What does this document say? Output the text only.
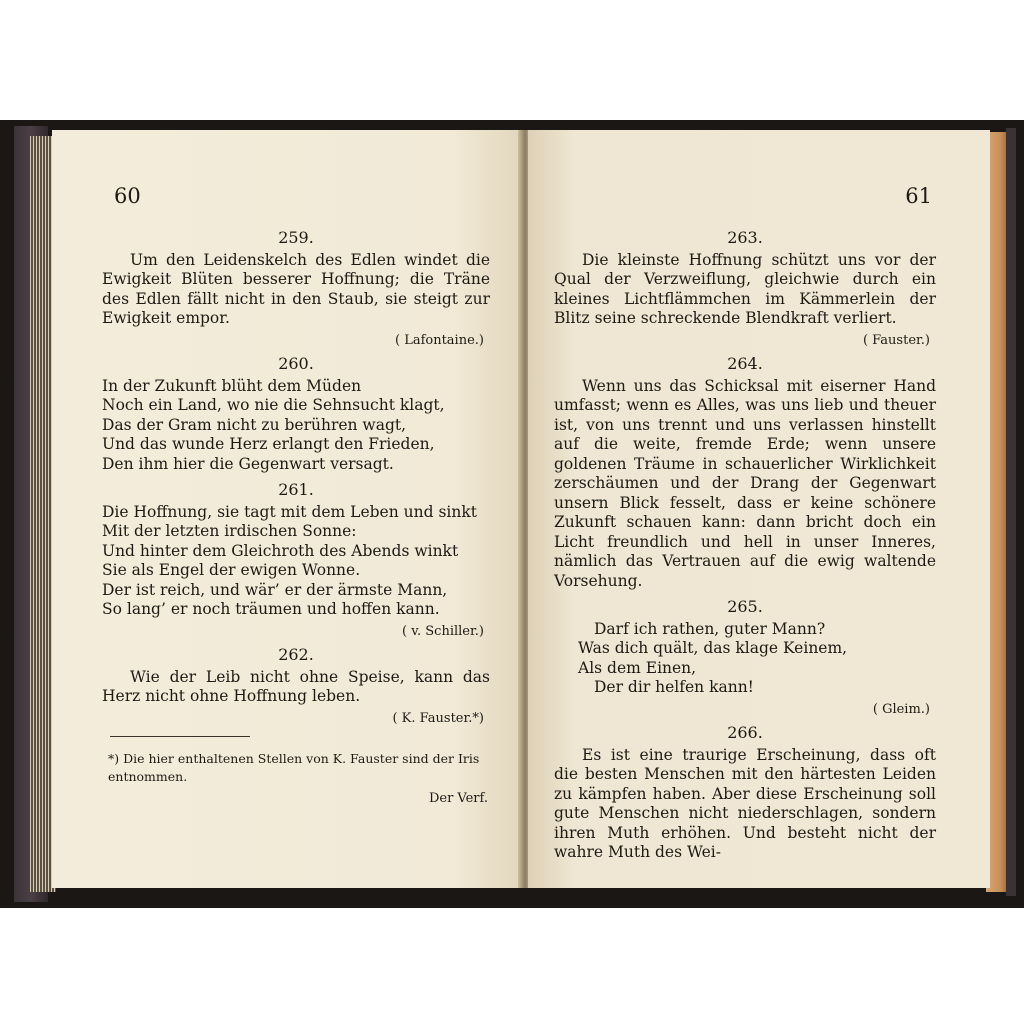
60
259.
Um den Leidenskelch des Edlen windet die Ewigkeit Blüten besserer Hoffnung; die Träne des Edlen fällt nicht in den Staub, sie steigt zur Ewigkeit empor.
( Lafontaine.)
260.
In der Zukunft blüht dem Müden
Noch ein Land, wo nie die Sehnsucht klagt,
Das der Gram nicht zu berühren wagt,
Und das wunde Herz erlangt den Frieden,
Den ihm hier die Gegenwart versagt.
261.
Die Hoffnung, sie tagt mit dem Leben und sinkt
Mit der letzten irdischen Sonne:
Und hinter dem Gleichroth des Abends winkt
Sie als Engel der ewigen Wonne.
Der ist reich, und wär’ er der ärmste Mann,
So lang’ er noch träumen und hoffen kann.
( v. Schiller.)
262.
Wie der Leib nicht ohne Speise, kann das Herz nicht ohne Hoffnung leben.
( K. Fauster.*)
*) Die hier enthaltenen Stellen von K. Fauster sind der Iris entnommen.
Der Verf.
61
263.
Die kleinste Hoffnung schützt uns vor der Qual der Verzweiflung, gleichwie durch ein kleines Lichtflämmchen im Kämmerlein der Blitz seine schreckende Blendkraft verliert.
( Fauster.)
264.
Wenn uns das Schicksal mit eiserner Hand umfasst; wenn es Alles, was uns lieb und theuer ist, von uns trennt und uns verlassen hinstellt auf die weite, fremde Erde; wenn unsere goldenen Träume in schauerlicher Wirklichkeit zerschäumen und der Drang der Gegenwart unsern Blick fesselt, dass er keine schönere Zukunft schauen kann: dann bricht doch ein Licht freundlich und hell in unser Inneres, nämlich das Vertrauen auf die ewig waltende Vorsehung.
265.
Darf ich rathen, guter Mann?
Was dich quält, das klage Keinem,
Als dem Einen,
Der dir helfen kann!
( Gleim.)
266.
Es ist eine traurige Erscheinung, dass oft die besten Menschen mit den härtesten Leiden zu kämpfen haben. Aber diese Erscheinung soll gute Menschen nicht niederschlagen, sondern ihren Muth erhöhen. Und besteht nicht der wahre Muth des Wei-
